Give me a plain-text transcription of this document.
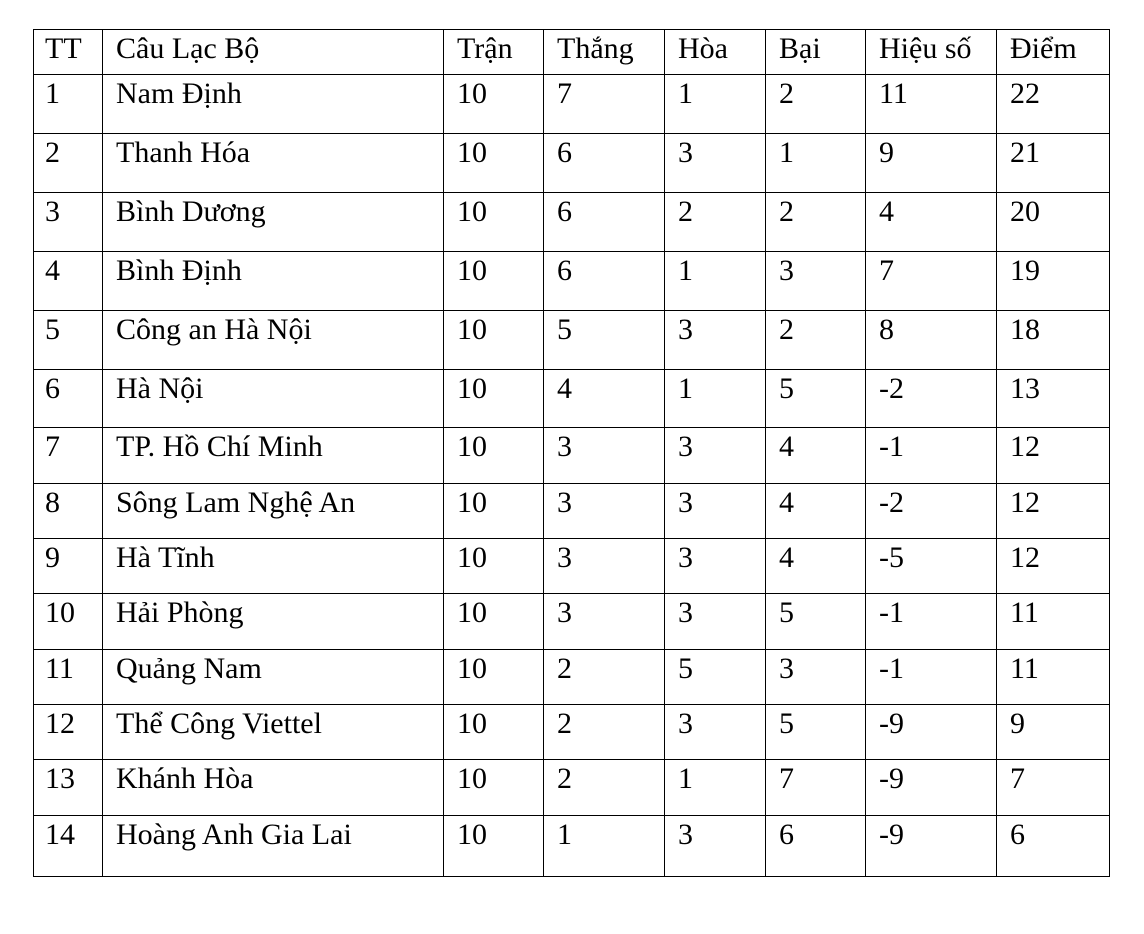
TT	Câu Lạc Bộ	Trận	Thắng	Hòa	Bại	Hiệu số	Điểm
1	Nam Định	10	7	1	2	11	22
2	Thanh Hóa	10	6	3	1	9	21
3	Bình Dương	10	6	2	2	4	20
4	Bình Định	10	6	1	3	7	19
5	Công an Hà Nội	10	5	3	2	8	18
6	Hà Nội	10	4	1	5	-2	13
7	TP. Hồ Chí Minh	10	3	3	4	-1	12
8	Sông Lam Nghệ An	10	3	3	4	-2	12
9	Hà Tĩnh	10	3	3	4	-5	12
10	Hải Phòng	10	3	3	5	-1	11
11	Quảng Nam	10	2	5	3	-1	11
12	Thể Công Viettel	10	2	3	5	-9	9
13	Khánh Hòa	10	2	1	7	-9	7
14	Hoàng Anh Gia Lai	10	1	3	6	-9	6
